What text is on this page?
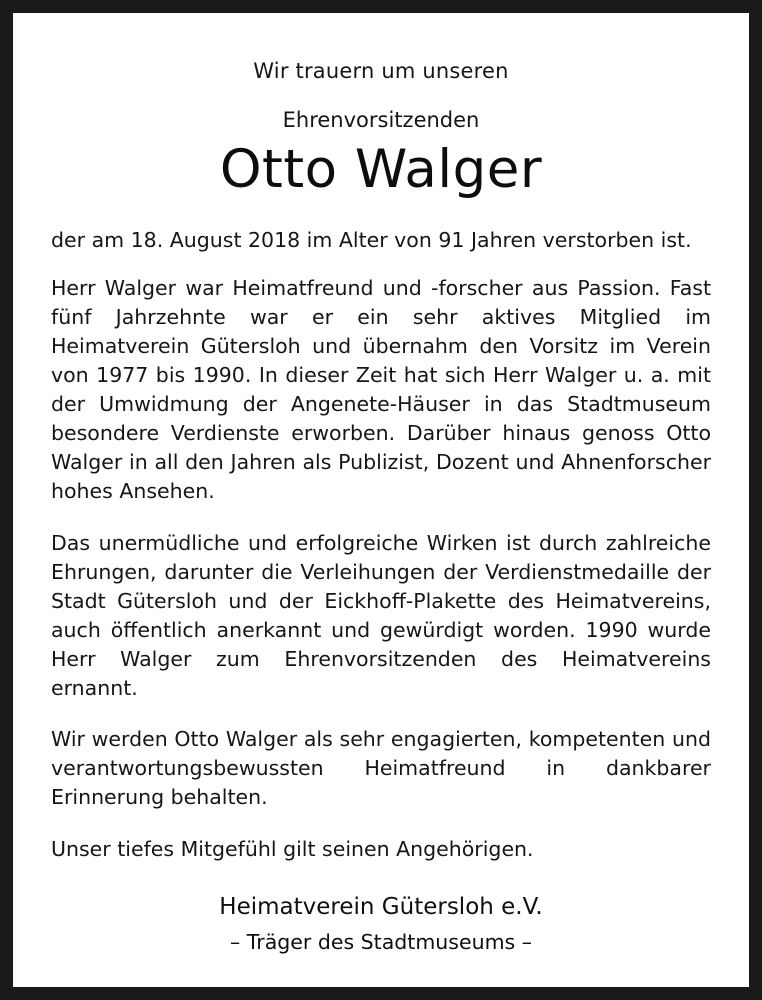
Wir trauern um unseren
Ehrenvorsitzenden
Otto Walger
der am 18. August 2018 im Alter von 91 Jahren verstorben ist.
Herr Walger war Heimatfreund und -forscher aus Passion. Fast fünf Jahrzehnte war er ein sehr aktives Mitglied im Heimatverein Gütersloh und übernahm den Vorsitz im Verein von 1977 bis 1990. In dieser Zeit hat sich Herr Walger u. a. mit der Umwidmung der Angenete-Häuser in das Stadtmuseum besondere Verdienste erworben. Darüber hinaus genoss Otto Walger in all den Jahren als Publizist, Dozent und Ahnenforscher hohes Ansehen.
Das unermüdliche und erfolgreiche Wirken ist durch zahlreiche Ehrungen, darunter die Verleihungen der Verdienstmedaille der Stadt Gütersloh und der Eickhoff-Plakette des Heimatvereins, auch öffentlich anerkannt und gewürdigt worden. 1990 wurde Herr Walger zum Ehrenvorsitzenden des Heimatvereins ernannt.
Wir werden Otto Walger als sehr engagierten, kompetenten und verantwortungsbewussten Heimatfreund in dankbarer Erinnerung behalten.
Unser tiefes Mitgefühl gilt seinen Angehörigen.
Heimatverein Gütersloh e.V.
– Träger des Stadtmuseums –
